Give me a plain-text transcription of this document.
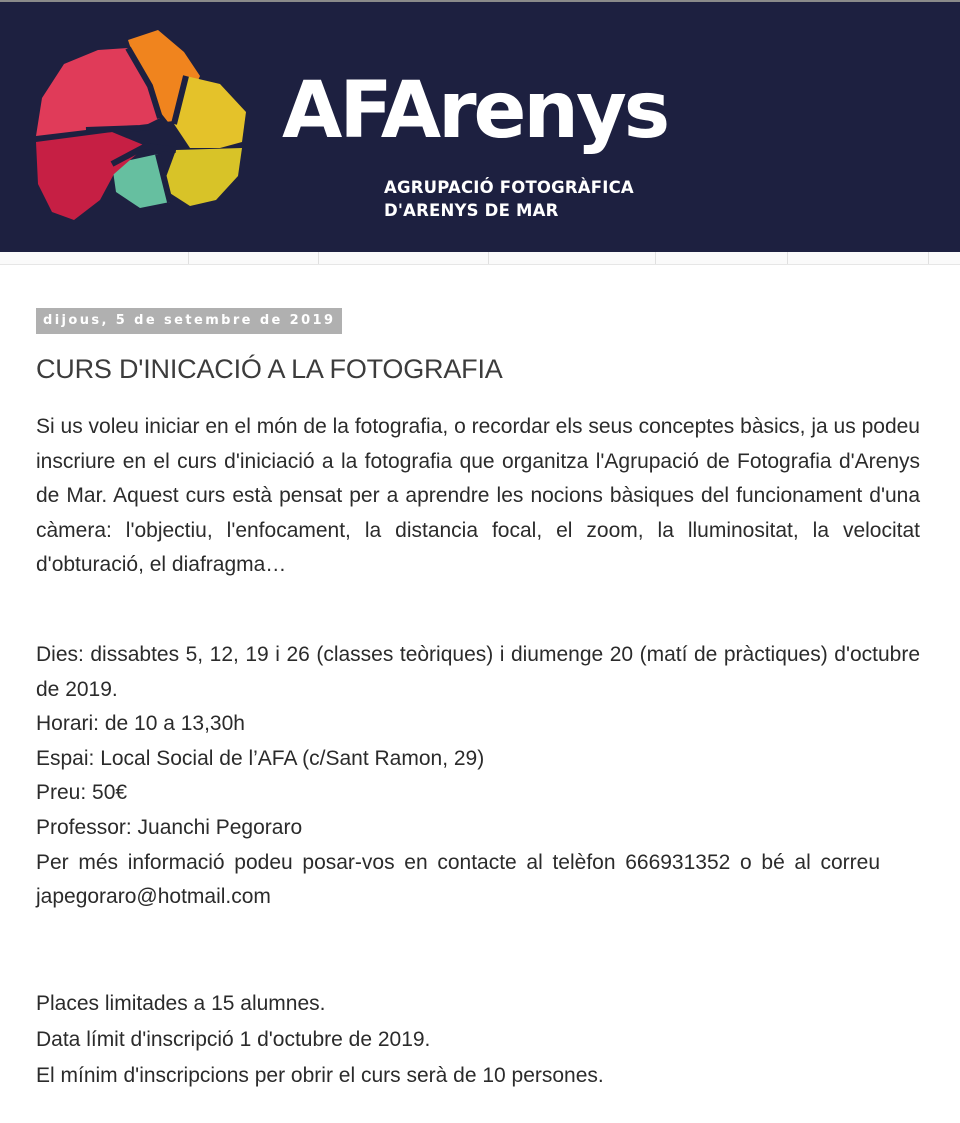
AFArenys
AGRUPACIÓ FOTOGRÀFICA
D'ARENYS DE MAR
dijous, 5 de setembre de 2019
CURS D'INICACIÓ A LA FOTOGRAFIA
Si us voleu iniciar en el món de la fotografia, o recordar els seus conceptes bàsics, ja us podeu inscriure en el curs d'iniciació a la fotografia que organitza l'Agrupació de Fotografia d'Arenys de Mar. Aquest curs està pensat per a aprendre les nocions bàsiques del funcionament d'una càmera: l'objectiu, l'enfocament, la distancia focal, el zoom, la lluminositat, la velocitat d'obturació, el diafragma…
Dies: dissabtes 5, 12, 19 i 26 (classes teòriques) i diumenge 20 (matí de pràctiques) d'octubre de 2019.
Horari: de 10 a 13,30h
Espai: Local Social de l’AFA (c/Sant Ramon, 29)
Preu: 50€
Professor: Juanchi Pegoraro
Per més informació podeu posar-vos en contacte al telèfon 666931352 o bé al correujapegoraro@hotmail.com
Places limitades a 15 alumnes.
Data límit d'inscripció 1 d'octubre de 2019.
El mínim d'inscripcions per obrir el curs serà de 10 persones.
